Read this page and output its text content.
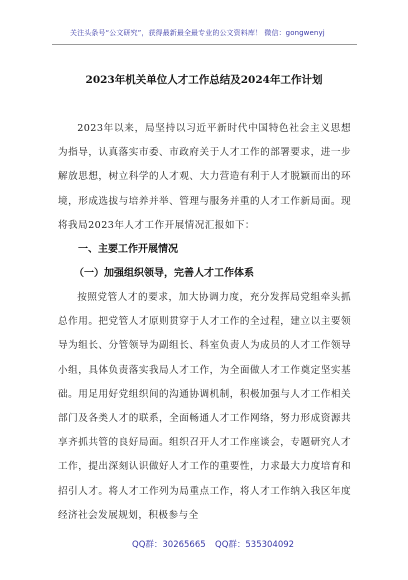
关注头条号“公文研究”，获得最新最全最专业的公文资料库！ 微信：gongwenyj
2023年机关单位人才工作总结及2024年工作计划

2023年以来，局坚持以习近平新时代中国特色社会主义思想为指导，认真落实市委、市政府关于人才工作的部署要求，进一步解放思想，树立科学的人才观、大力营造有利于人才脱颖而出的环境，形成选拔与培养并举、管理与服务并重的人才工作新局面。现将我局2023年人才工作开展情况汇报如下：

一、主要工作开展情况

（一）加强组织领导，完善人才工作体系

按照党管人才的要求，加大协调力度，充分发挥局党组牵头抓总作用。把党管人才原则贯穿于人才工作的全过程，建立以主要领导为组长、分管领导为副组长、科室负责人为成员的人才工作领导小组，具体负责落实我局人才工作，为全面做人才工作奠定坚实基础。用足用好党组织间的沟通协调机制，积极加强与人才工作相关部门及各类人才的联系，全面畅通人才工作网络，努力形成资源共享齐抓共管的良好局面。组织召开人才工作座谈会，专题研究人才工作，提出深刻认识做好人才工作的重要性，力求最大力度培育和招引人才。将人才工作列为局重点工作，将人才工作纳入我区年度经济社会发展规划，积极参与全

QQ群：30265665 QQ群：535304092
